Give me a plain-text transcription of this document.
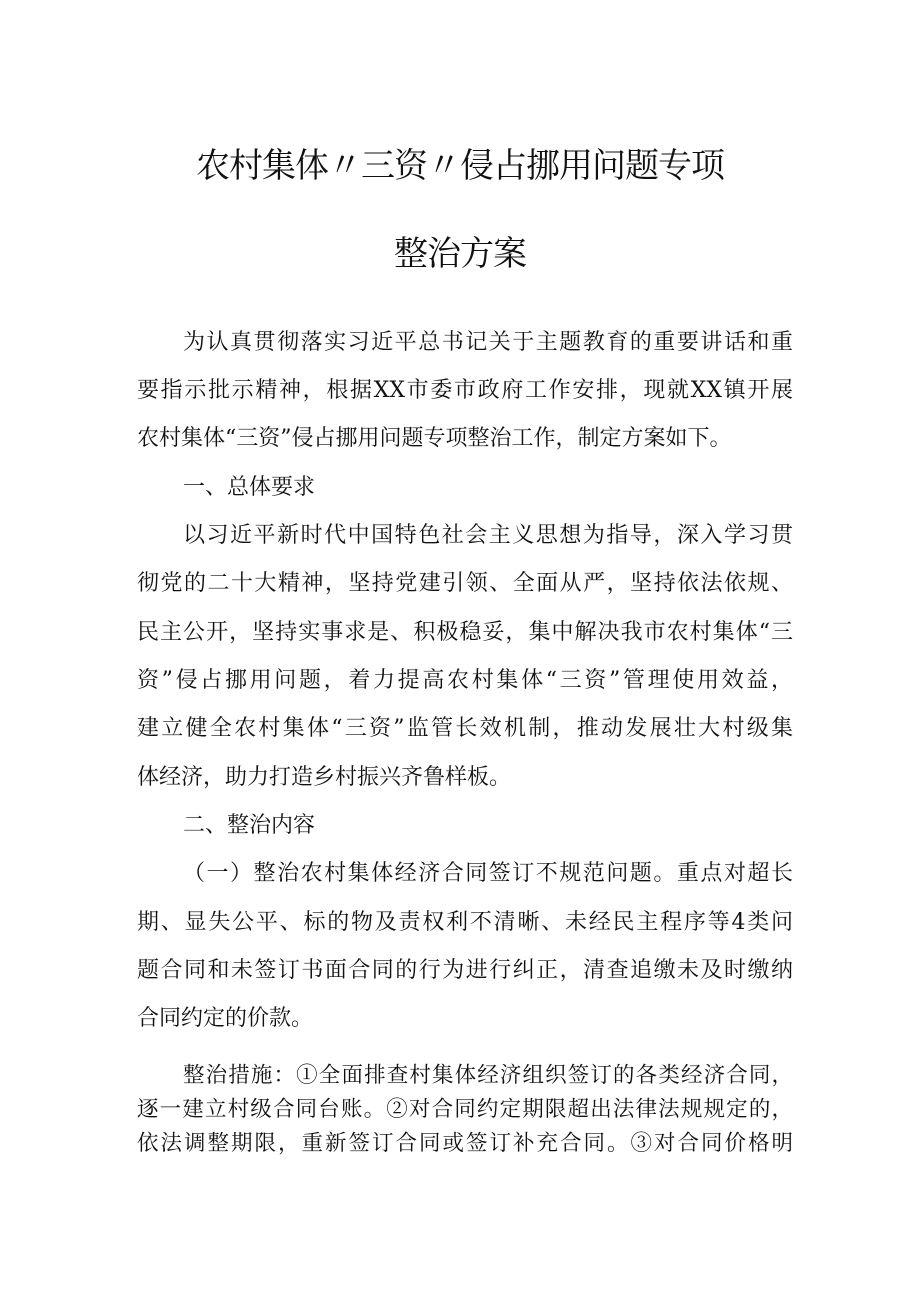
农村集体〃三资〃侵占挪用问题专项
整治方案
为认真贯彻落实习近平总书记关于主题教育的重要讲话和重
要指示批示精神，根据XX市委市政府工作安排，现就XX镇开展
农村集体“三资”侵占挪用问题专项整治工作，制定方案如下。
一、总体要求
以习近平新时代中国特色社会主义思想为指导，深入学习贯
彻党的二十大精神，坚持党建引领、全面从严，坚持依法依规、
民主公开，坚持实事求是、积极稳妥，集中解决我市农村集体“三
资”侵占挪用问题，着力提高农村集体“三资”管理使用效益，
建立健全农村集体“三资”监管长效机制，推动发展壮大村级集
体经济，助力打造乡村振兴齐鲁样板。
二、整治内容
（一）整治农村集体经济合同签订不规范问题。重点对超长
期、显失公平、标的物及责权利不清晰、未经民主程序等4类问
题合同和未签订书面合同的行为进行纠正，清查追缴未及时缴纳
合同约定的价款。
整治措施：①全面排查村集体经济组织签订的各类经济合同，
逐一建立村级合同台账。②对合同约定期限超出法律法规规定的，
依法调整期限，重新签订合同或签订补充合同。③对合同价格明
